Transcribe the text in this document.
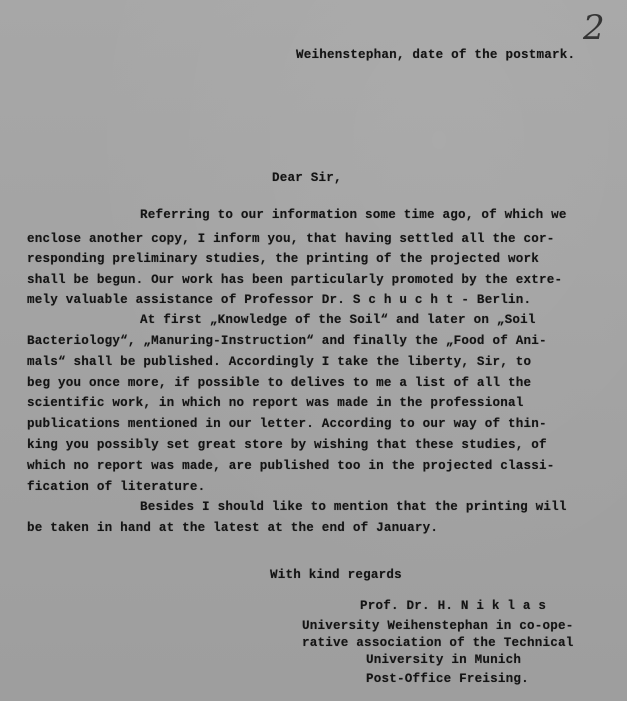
2
Weihenstephan, date of the postmark.
Dear Sir,
Referring to our information some time ago, of which we
enclose another copy, I inform you, that having settled all the cor-
responding preliminary studies, the printing of the projected work
shall be begun. Our work has been particularly promoted by the extre-
mely valuable assistance of Professor Dr. S c h u c h t - Berlin.
At first „Knowledge of the Soil“ and later on „Soil
Bacteriology“, „Manuring-Instruction“ and finally the „Food of Ani-
mals“ shall be published. Accordingly I take the liberty, Sir, to
beg you once more, if possible to delives to me a list of all the
scientific work, in which no report was made in the professional
publications mentioned in our letter. According to our way of thin-
king you possibly set great store by wishing that these studies, of
which no report was made, are published too in the projected classi-
fication of literature.
Besides I should like to mention that the printing will
be taken in hand at the latest at the end of January.
With kind regards
Prof. Dr. H. N i k l a s
University Weihenstephan in co-ope-
rative association of the Technical
University in Munich
Post-Office Freising.
